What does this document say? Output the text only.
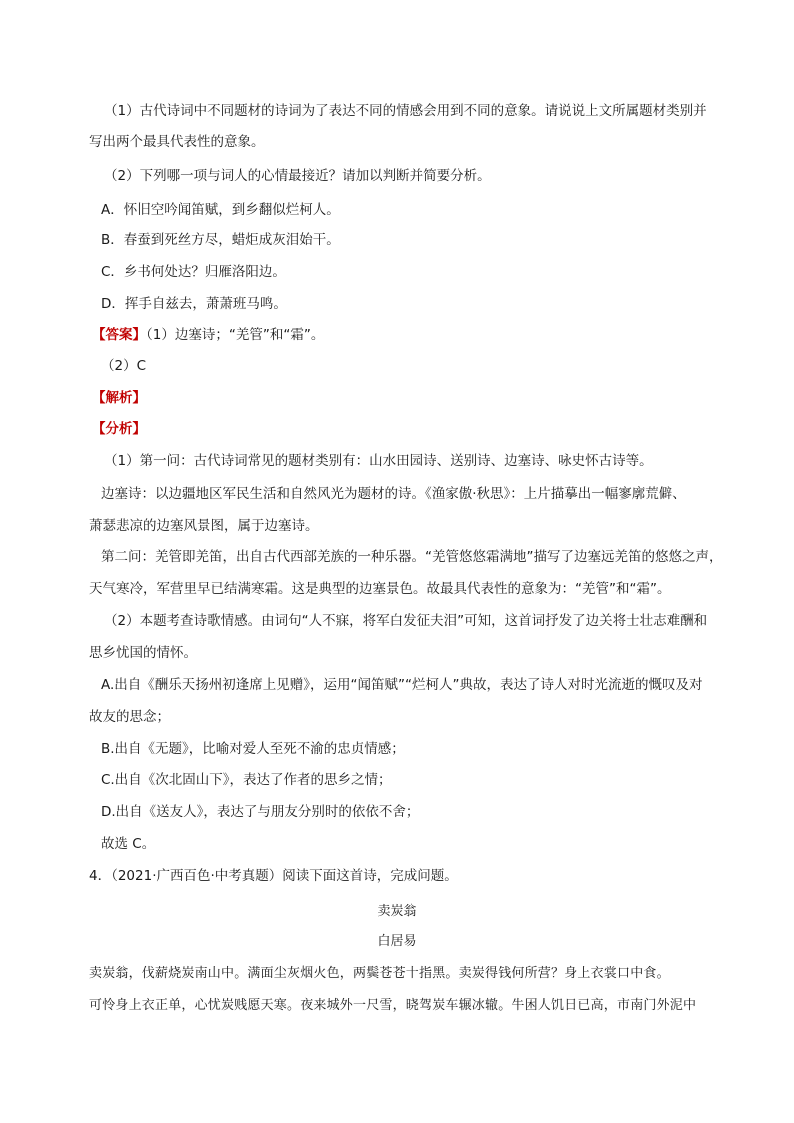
（1）古代诗词中不同题材的诗词为了表达不同的情感会用到不同的意象。请说说上文所属题材类别并
写出两个最具代表性的意象。
（2）下列哪一项与词人的心情最接近？请加以判断并简要分析。
A．怀旧空吟闻笛赋，到乡翻似烂柯人。
B．春蚕到死丝方尽，蜡炬成灰泪始干。
C．乡书何处达？归雁洛阳边。
D．挥手自兹去，萧萧班马鸣。
【答案】（1）边塞诗；“羌管”和“霜”。
（2）C
【解析】
【分析】
（1）第一问：古代诗词常见的题材类别有：山水田园诗、送别诗、边塞诗、咏史怀古诗等。
边塞诗：以边疆地区军民生活和自然风光为题材的诗。《渔家傲·秋思》：上片描摹出一幅寥廓荒僻、
萧瑟悲凉的边塞风景图，属于边塞诗。
第二问：羌管即羌笛，出自古代西部羌族的一种乐器。“羌管悠悠霜满地”描写了边塞远羌笛的悠悠之声，
天气寒冷，军营里早已结满寒霜。这是典型的边塞景色。故最具代表性的意象为：“羌管”和“霜”。
（2）本题考查诗歌情感。由词句“人不寐，将军白发征夫泪”可知，这首词抒发了边关将士壮志难酬和
思乡忧国的情怀。
A.出自《酬乐天扬州初逢席上见赠》，运用“闻笛赋”“烂柯人”典故，表达了诗人对时光流逝的慨叹及对
故友的思念；
B.出自《无题》，比喻对爱人至死不渝的忠贞情感；
C.出自《次北固山下》，表达了作者的思乡之情；
D.出自《送友人》，表达了与朋友分别时的依依不舍；
故选 C。
4．（2021·广西百色·中考真题）阅读下面这首诗，完成问题。
卖炭翁
白居易
卖炭翁，伐薪烧炭南山中。满面尘灰烟火色，两鬓苍苍十指黑。卖炭得钱何所营？身上衣裳口中食。
可怜身上衣正单，心忧炭贱愿天寒。夜来城外一尺雪，晓驾炭车辗冰辙。牛困人饥日已高，市南门外泥中
